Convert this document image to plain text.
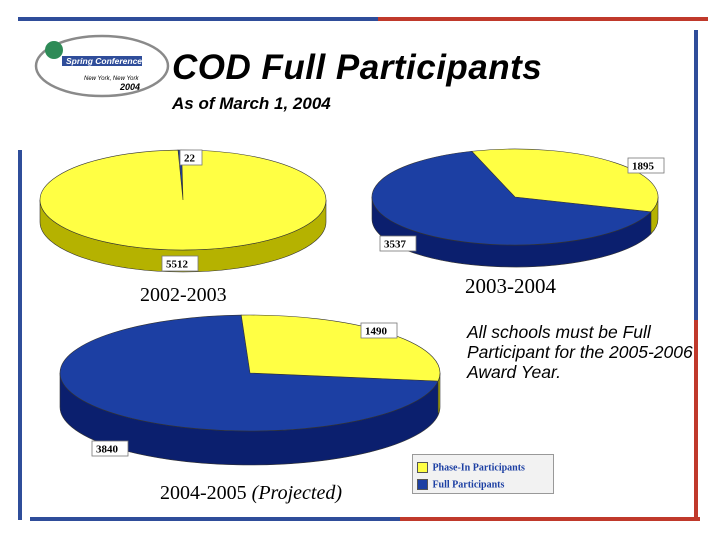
Spring Conference
New York, New York
2004 COD Full Participants
As of March 1, 2004
5512
22
1895
3537
1490
3840
2002-2003	2003-2004
2004-2005 (Projected)
All schools must be Full Participant for the 2005-2006 Award Year.
Phase-In Participants
Full Participants
